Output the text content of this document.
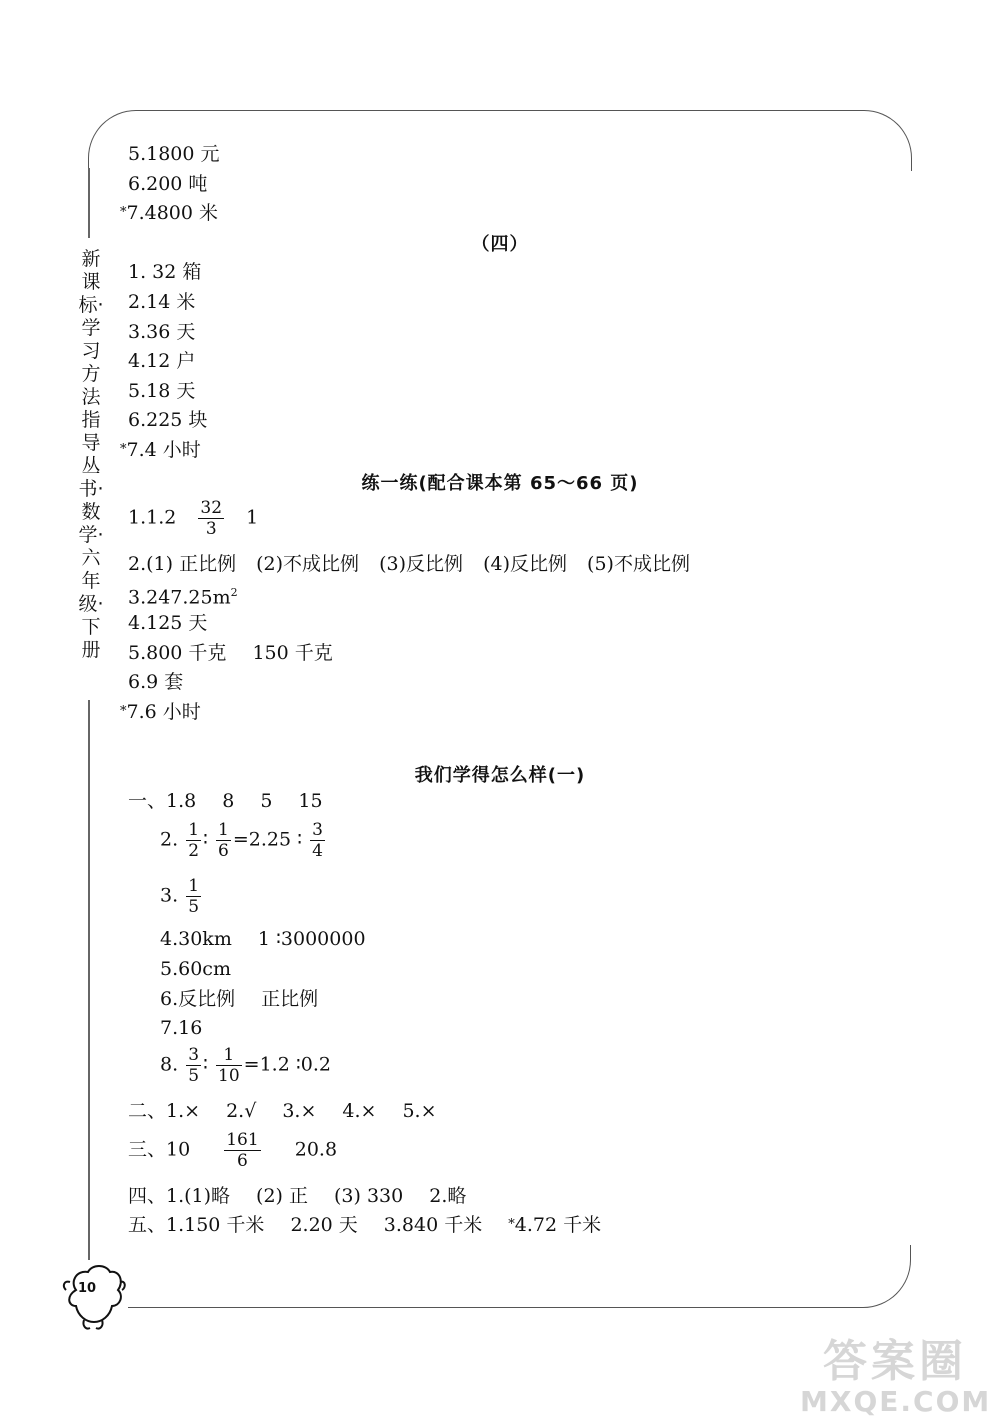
新课标·学习方法指导丛书·数学·六年级·下册
5.1800 元
6.200 吨
*7.4800 米
（四）
1. 32 箱
2.14 米
3.36 天
4.12 户
5.18 天
6.225 块
*7.4 小时
练一练(配合课本第 65～66 页)
$1.1.2 \frac{32}{3} 1$
2.(1) 正比例 (2)不成比例 (3)反比例 (4)反比例 (5)不成比例
$3.247.25m^2$
4.125 天
5.800 千克 150 千克
6.9 套
*7.6 小时
我们学得怎么样(一)
一、1.8 8 5 15
2. $\frac{1}{2}$ ∶ $\frac{1}{6} =2.25$ ∶ $\frac{3}{4}$
3. $\frac{1}{5}$
4.30km 1 ∶3000000
5.60cm
6.反比例 正比例
7.16
8. $\frac{3}{5}$ ∶ $\frac{1}{10} =1.2$ ∶0.2
二、1.× 2.√ 3.× 4.× 5.×
三、$10 \frac{161}{6} 20.8$
四、1.(1)略 (2) 正 (3) 330 2.略
五、1.150 千米 2.20 天 3.840 千米 *4.72 千米
10
答案圈
MXQE.COM
